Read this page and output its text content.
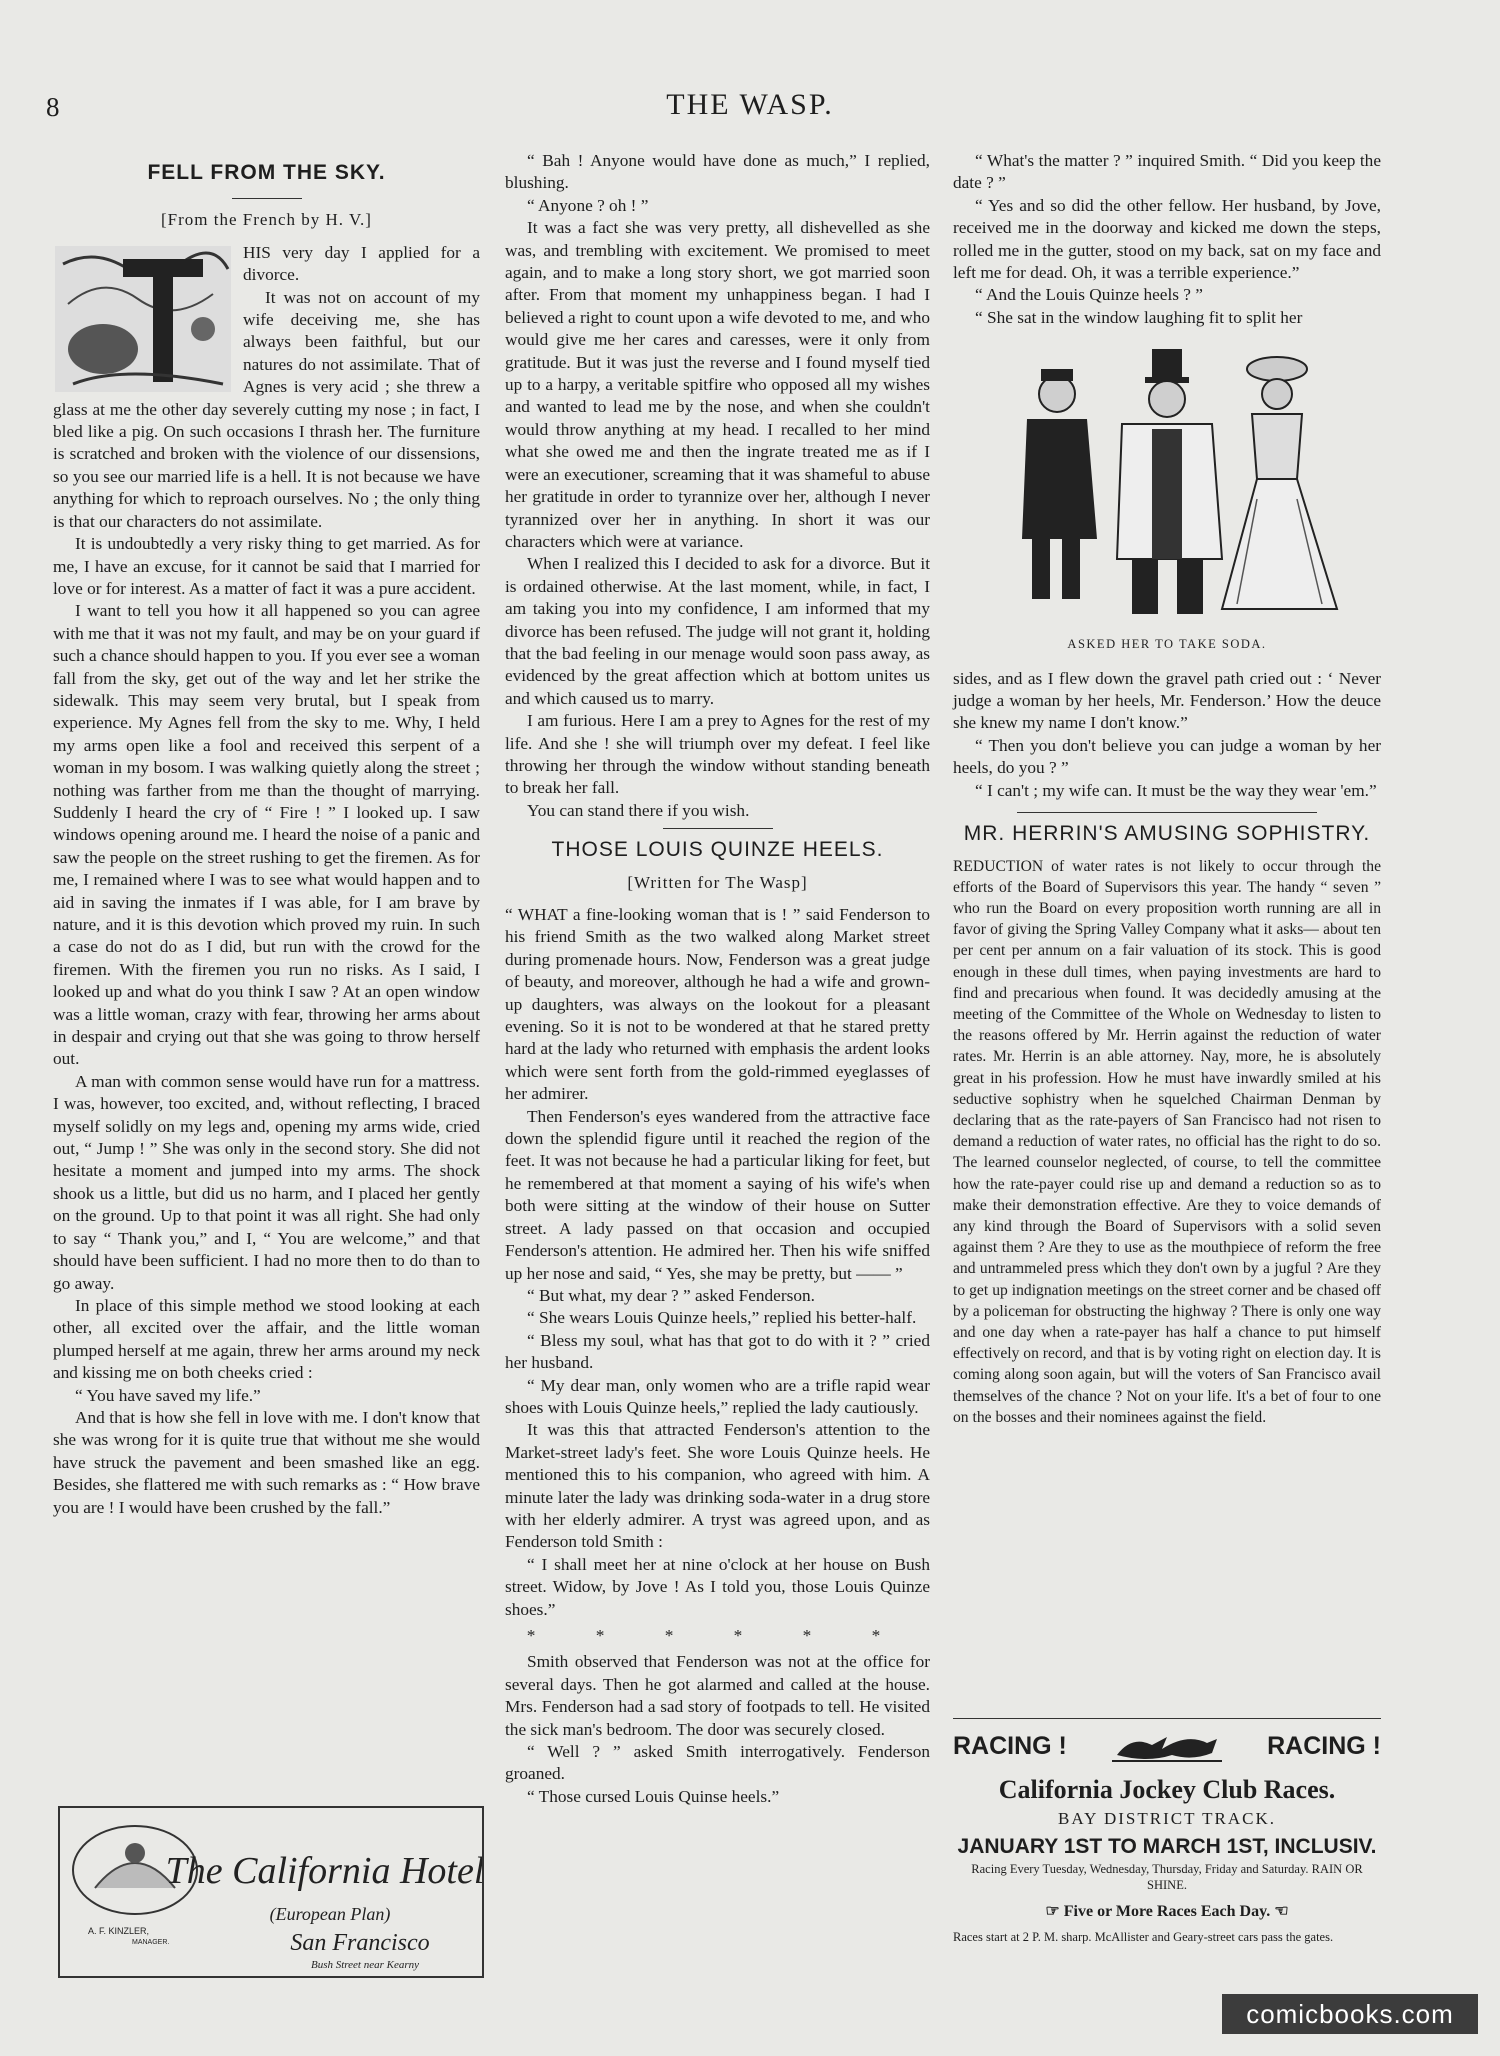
8	THE WASP.
FELL FROM THE SKY.
[From the French by H. V.]

HIS very day I applied for a divorce.

It was not on account of my wife deceiving me, she has always been faithful, but our natures do not assimilate. That of Agnes is very acid ; she threw a glass at me the other day severely cutting my nose ; in fact, I bled like a pig. On such occasions I thrash her. The furniture is scratched and broken with the violence of our dissensions, so you see our married life is a hell. It is not because we have anything for which to reproach ourselves. No ; the only thing is that our characters do not assimilate.

It is undoubtedly a very risky thing to get married. As for me, I have an excuse, for it cannot be said that I married for love or for interest. As a matter of fact it was a pure accident.

I want to tell you how it all happened so you can agree with me that it was not my fault, and may be on your guard if such a chance should happen to you. If you ever see a woman fall from the sky, get out of the way and let her strike the sidewalk. This may seem very brutal, but I speak from experience. My Agnes fell from the sky to me. Why, I held my arms open like a fool and received this serpent of a woman in my bosom. I was walking quietly along the street ; nothing was farther from me than the thought of marrying. Suddenly I heard the cry of “ Fire ! ” I looked up. I saw windows opening around me. I heard the noise of a panic and saw the people on the street rushing to get the firemen. As for me, I remained where I was to see what would happen and to aid in saving the inmates if I was able, for I am brave by nature, and it is this devotion which proved my ruin. In such a case do not do as I did, but run with the crowd for the firemen. With the firemen you run no risks. As I said, I looked up and what do you think I saw ? At an open window was a little woman, crazy with fear, throwing her arms about in despair and crying out that she was going to throw herself out.

A man with common sense would have run for a mattress. I was, however, too excited, and, without reflecting, I braced myself solidly on my legs and, opening my arms wide, cried out, “ Jump ! ” She was only in the second story. She did not hesitate a moment and jumped into my arms. The shock shook us a little, but did us no harm, and I placed her gently on the ground. Up to that point it was all right. She had only to say “ Thank you,” and I, “ You are welcome,” and that should have been sufficient. I had no more then to do than to go away.

In place of this simple method we stood looking at each other, all excited over the affair, and the little woman plumped herself at me again, threw her arms around my neck and kissing me on both cheeks cried :

“ You have saved my life.”

And that is how she fell in love with me. I don't know that she was wrong for it is quite true that without me she would have struck the pavement and been smashed like an egg. Besides, she flattered me with such remarks as : “ How brave you are ! I would have been crushed by the fall.”

The California Hotel
(European Plan)
San Francisco
Bush Street near Kearny
A. F. KINZLER,
MANAGER.

“ Bah ! Anyone would have done as much,” I replied, blushing.

“ Anyone ? oh ! ”

It was a fact she was very pretty, all dishevelled as she was, and trembling with excitement. We promised to meet again, and to make a long story short, we got married soon after. From that moment my unhappiness began. I had I believed a right to count upon a wife devoted to me, and who would give me her cares and caresses, were it only from gratitude. But it was just the reverse and I found myself tied up to a harpy, a veritable spitfire who opposed all my wishes and wanted to lead me by the nose, and when she couldn't would throw anything at my head. I recalled to her mind what she owed me and then the ingrate treated me as if I were an executioner, screaming that it was shameful to abuse her gratitude in order to tyrannize over her, although I never tyrannized over her in anything. In short it was our characters which were at variance.

When I realized this I decided to ask for a divorce. But it is ordained otherwise. At the last moment, while, in fact, I am taking you into my confidence, I am informed that my divorce has been refused. The judge will not grant it, holding that the bad feeling in our menage would soon pass away, as evidenced by the great affection which at bottom unites us and which caused us to marry.

I am furious. Here I am a prey to Agnes for the rest of my life. And she ! she will triumph over my defeat. I feel like throwing her through the window without standing beneath to break her fall.

You can stand there if you wish.

THOSE LOUIS QUINZE HEELS.
[Written for The Wasp]

“ WHAT a fine-looking woman that is ! ” said Fenderson to his friend Smith as the two walked along Market street during promenade hours. Now, Fenderson was a great judge of beauty, and moreover, although he had a wife and grown-up daughters, was always on the lookout for a pleasant evening. So it is not to be wondered at that he stared pretty hard at the lady who returned with emphasis the ardent looks which were sent forth from the gold-rimmed eyeglasses of her admirer.

Then Fenderson's eyes wandered from the attractive face down the splendid figure until it reached the region of the feet. It was not because he had a particular liking for feet, but he remembered at that moment a saying of his wife's when both were sitting at the window of their house on Sutter street. A lady passed on that occasion and occupied Fenderson's attention. He admired her. Then his wife sniffed up her nose and said, “ Yes, she may be pretty, but —— ”

“ But what, my dear ? ” asked Fenderson.

“ She wears Louis Quinze heels,” replied his better-half.

“ Bless my soul, what has that got to do with it ? ” cried her husband.

“ My dear man, only women who are a trifle rapid wear shoes with Louis Quinze heels,” replied the lady cautiously.

It was this that attracted Fenderson's attention to the Market-street lady's feet. She wore Louis Quinze heels. He mentioned this to his companion, who agreed with him. A minute later the lady was drinking soda-water in a drug store with her elderly admirer. A tryst was agreed upon, and as Fenderson told Smith :

“ I shall meet her at nine o'clock at her house on Bush street. Widow, by Jove ! As I told you, those Louis Quinze shoes.”

* * * * * *

Smith observed that Fenderson was not at the office for several days. Then he got alarmed and called at the house. Mrs. Fenderson had a sad story of footpads to tell. He visited the sick man's bedroom. The door was securely closed.

“ Well ? ” asked Smith interrogatively. Fenderson groaned.

“ Those cursed Louis Quinse heels.”

“ What's the matter ? ” inquired Smith. “ Did you keep the date ? ”

“ Yes and so did the other fellow. Her husband, by Jove, received me in the doorway and kicked me down the steps, rolled me in the gutter, stood on my back, sat on my face and left me for dead. Oh, it was a terrible experience.”

“ And the Louis Quinze heels ? ”

“ She sat in the window laughing fit to split her

ASKED HER TO TAKE SODA.

sides, and as I flew down the gravel path cried out : ‘ Never judge a woman by her heels, Mr. Fenderson.’ How the deuce she knew my name I don't know.”

“ Then you don't believe you can judge a woman by her heels, do you ? ”

“ I can't ; my wife can. It must be the way they wear 'em.”

MR. HERRIN'S AMUSING SOPHISTRY.

REDUCTION of water rates is not likely to occur through the efforts of the Board of Supervisors this year. The handy “ seven ” who run the Board on every proposition worth running are all in favor of giving the Spring Valley Company what it asks— about ten per cent per annum on a fair valuation of its stock. This is good enough in these dull times, when paying investments are hard to find and precarious when found. It was decidedly amusing at the meeting of the Committee of the Whole on Wednesday to listen to the reasons offered by Mr. Herrin against the reduction of water rates. Mr. Herrin is an able attorney. Nay, more, he is absolutely great in his profession. How he must have inwardly smiled at his seductive sophistry when he squelched Chairman Denman by declaring that as the rate-payers of San Francisco had not risen to demand a reduction of water rates, no official has the right to do so. The learned counselor neglected, of course, to tell the committee how the rate-payer could rise up and demand a reduction so as to make their demonstration effective. Are they to voice demands of any kind through the Board of Supervisors with a solid seven against them ? Are they to use as the mouthpiece of reform the free and untrammeled press which they don't own by a jugful ? Are they to get up indignation meetings on the street corner and be chased off by a policeman for obstructing the highway ? There is only one way and one day when a rate-payer has half a chance to put himself effectively on record, and that is by voting right on election day. It is coming along soon again, but will the voters of San Francisco avail themselves of the chance ? Not on your life. It's a bet of four to one on the bosses and their nominees against the field.

RACING !	RACING !
California Jockey Club Races.
BAY DISTRICT TRACK.
JANUARY 1ST TO MARCH 1ST, INCLUSIV.
Racing Every Tuesday, Wednesday, Thursday, Friday and Saturday. RAIN OR SHINE.
☞ Five or More Races Each Day. ☜
Races start at 2 P. M. sharp. McAllister and Geary-street cars pass the gates.
comicbooks.com
